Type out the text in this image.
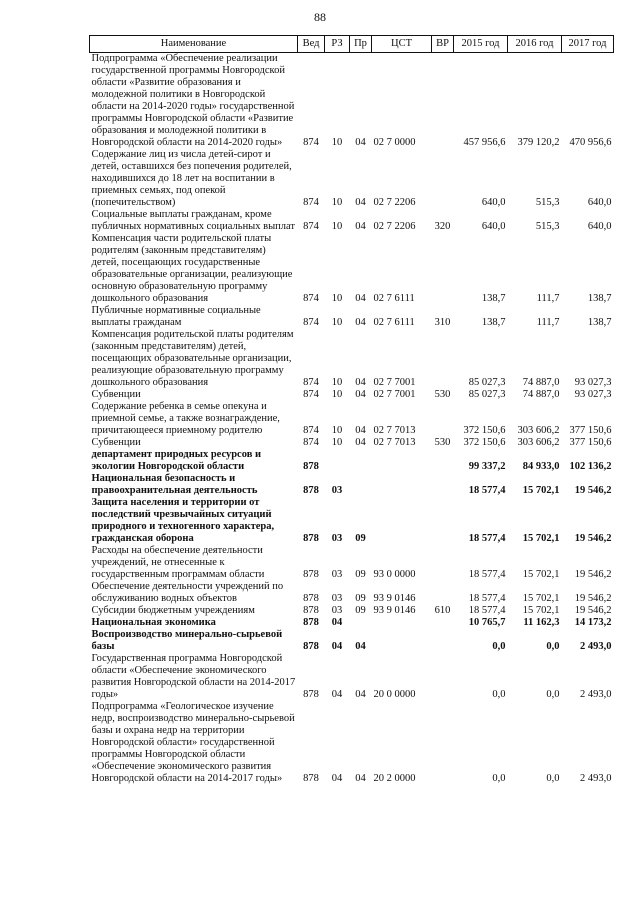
88
Наименование	Вед	РЗ	Пр	ЦСТ	ВР	2015 год	2016 год	2017 год
Подпрограмма «Обеспечение реализации государственной программы Новгородской области «Развитие образования и молодежной политики в Новгородской области на 2014-2020 годы» государственной программы Новгородской области «Развитие образования и молодежной политики в Новгородской области на 2014-2020 годы»	874	10	04	02 7 0000		457 956,6	379 120,2	470 956,6
Содержание лиц из числа детей-сирот и детей, оставшихся без попечения родителей, находившихся до 18 лет на воспитании в приемных семьях, под опекой (попечительством)	874	10	04	02 7 2206		640,0	515,3	640,0
Социальные выплаты гражданам, кроме публичных нормативных социальных выплат	874	10	04	02 7 2206	320	640,0	515,3	640,0
Компенсация части родительской платы родителям (законным представителям) детей, посещающих государственные образовательные организации, реализующие основную образовательную программу дошкольного образования	874	10	04	02 7 6111		138,7	111,7	138,7
Публичные нормативные социальные выплаты гражданам	874	10	04	02 7 6111	310	138,7	111,7	138,7
Компенсация родительской платы родителям (законным представителям) детей, посещающих образовательные организации, реализующие образовательную программу дошкольного образования	874	10	04	02 7 7001		85 027,3	74 887,0	93 027,3
Субвенции	874	10	04	02 7 7001	530	85 027,3	74 887,0	93 027,3
Содержание ребенка в семье опекуна и приемной семье, а также вознаграждение, причитающееся приемному родителю	874	10	04	02 7 7013		372 150,6	303 606,2	377 150,6
Субвенции	874	10	04	02 7 7013	530	372 150,6	303 606,2	377 150,6
департамент природных ресурсов и экологии Новгородской области	878					99 337,2	84 933,0	102 136,2
Национальная безопасность и правоохранительная деятельность	878	03				18 577,4	15 702,1	19 546,2
Защита населения и территории от последствий чрезвычайных ситуаций природного и техногенного характера, гражданская оборона	878	03	09			18 577,4	15 702,1	19 546,2
Расходы на обеспечение деятельности учреждений, не отнесенные к государственным программам области	878	03	09	93 0 0000		18 577,4	15 702,1	19 546,2
Обеспечение деятельности учреждений по обслуживанию водных объектов	878	03	09	93 9 0146		18 577,4	15 702,1	19 546,2
Субсидии бюджетным учреждениям	878	03	09	93 9 0146	610	18 577,4	15 702,1	19 546,2
Национальная экономика	878	04				10 765,7	11 162,3	14 173,2
Воспроизводство минерально-сырьевой базы	878	04	04			0,0	0,0	2 493,0
Государственная программа Новгородской области «Обеспечение экономического развития Новгородской области на 2014-2017 годы»	878	04	04	20 0 0000		0,0	0,0	2 493,0
Подпрограмма «Геологическое изучение недр, воспроизводство минерально-сырьевой базы и охрана недр на территории Новгородской области» государственной программы Новгородской области «Обеспечение экономического развития Новгородской области на 2014-2017 годы»	878	04	04	20 2 0000		0,0	0,0	2 493,0
